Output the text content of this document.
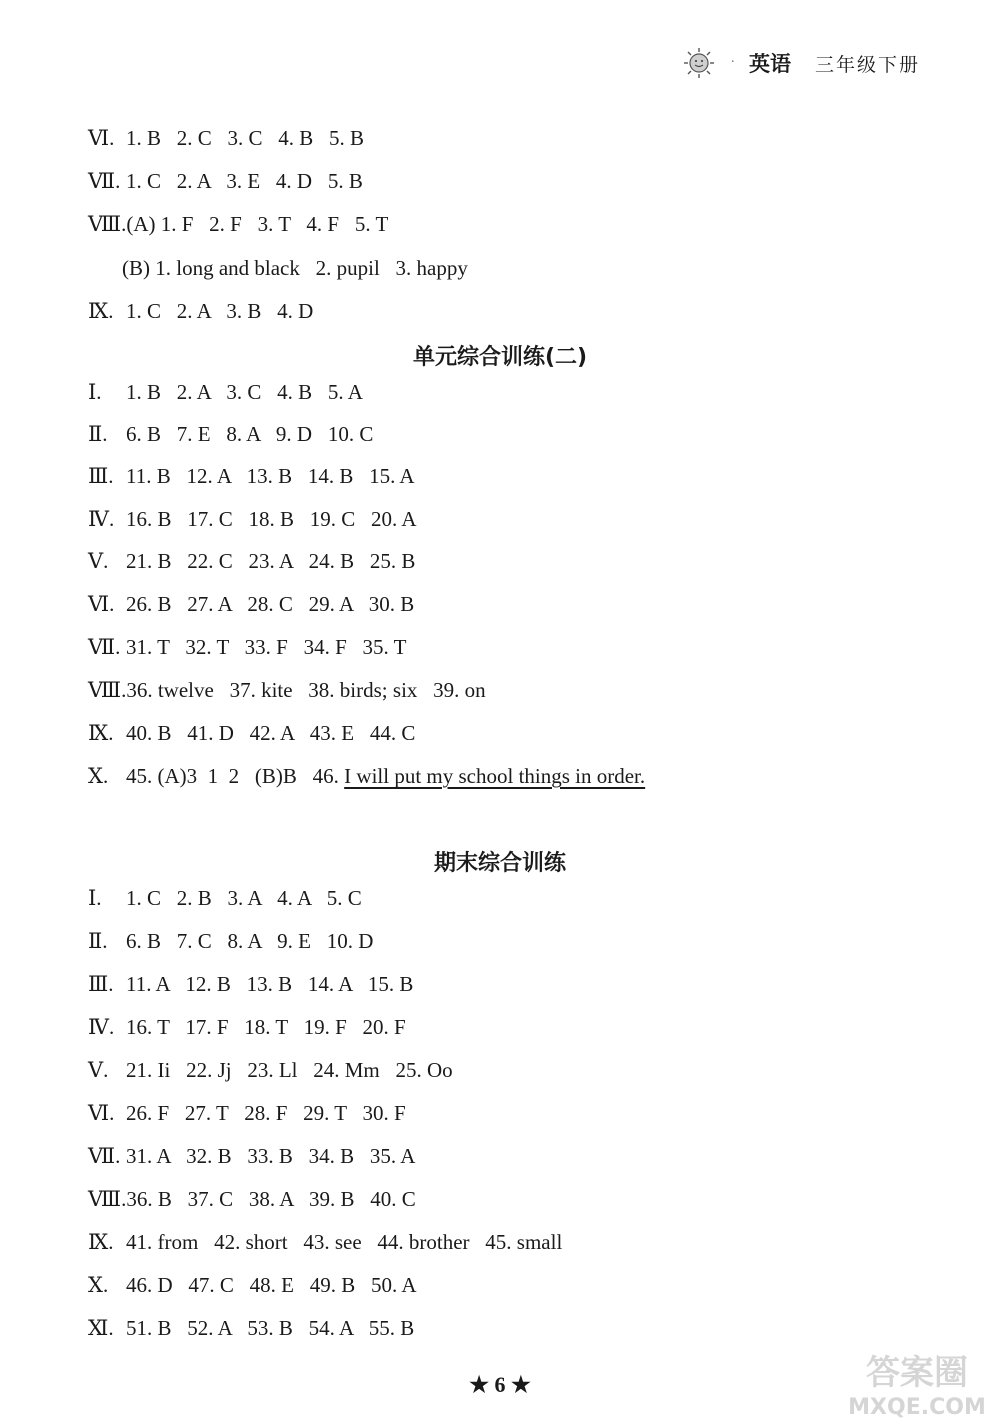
· 英语 三年级下册
Ⅵ. 1. B   2. C   3. C   4. B   5. B
Ⅶ. 1. C   2. A   3. E   4. D   5. B
Ⅷ. (A) 1. F   2. F   3. T   4. F   5. T
(B) 1. long and black   2. pupil   3. happy
Ⅸ. 1. C   2. A   3. B   4. D
单元综合训练(二)
Ⅰ.	1. B   2. A   3. C   4. B   5. A
Ⅱ. 6. B   7. E   8. A   9. D   10. C
Ⅲ. 11. B   12. A   13. B   14. B   15. A
Ⅳ. 16. B   17. C   18. B   19. C   20. A
Ⅴ. 21. B   22. C   23. A   24. B   25. B
Ⅵ. 26. B   27. A   28. C   29. A   30. B
Ⅶ. 31. T   32. T   33. F   34. F   35. T
Ⅷ. 36. twelve   37. kite   38. birds; six   39. on
Ⅸ. 40. B   41. D   42. A   43. E   44. C
Ⅹ. 45. (A)3  1  2   (B)B   46. I will put my school things in order.
期末综合训练
Ⅰ.	1. C   2. B   3. A   4. A   5. C
Ⅱ. 6. B   7. C   8. A   9. E   10. D
Ⅲ. 11. A   12. B   13. B   14. A   15. B
Ⅳ. 16. T   17. F   18. T   19. F   20. F
Ⅴ. 21. Ii   22. Jj   23. Ll   24. Mm   25. Oo
Ⅵ. 26. F   27. T   28. F   29. T   30. F
Ⅶ. 31. A   32. B   33. B   34. B   35. A
Ⅷ. 36. B   37. C   38. A   39. B   40. C
Ⅸ. 41. from   42. short   43. see   44. brother   45. small
Ⅹ. 46. D   47. C   48. E   49. B   50. A
Ⅺ. 51. B   52. A   53. B   54. A   55. B
★ 6 ★	答案圈
MXQE.COM
